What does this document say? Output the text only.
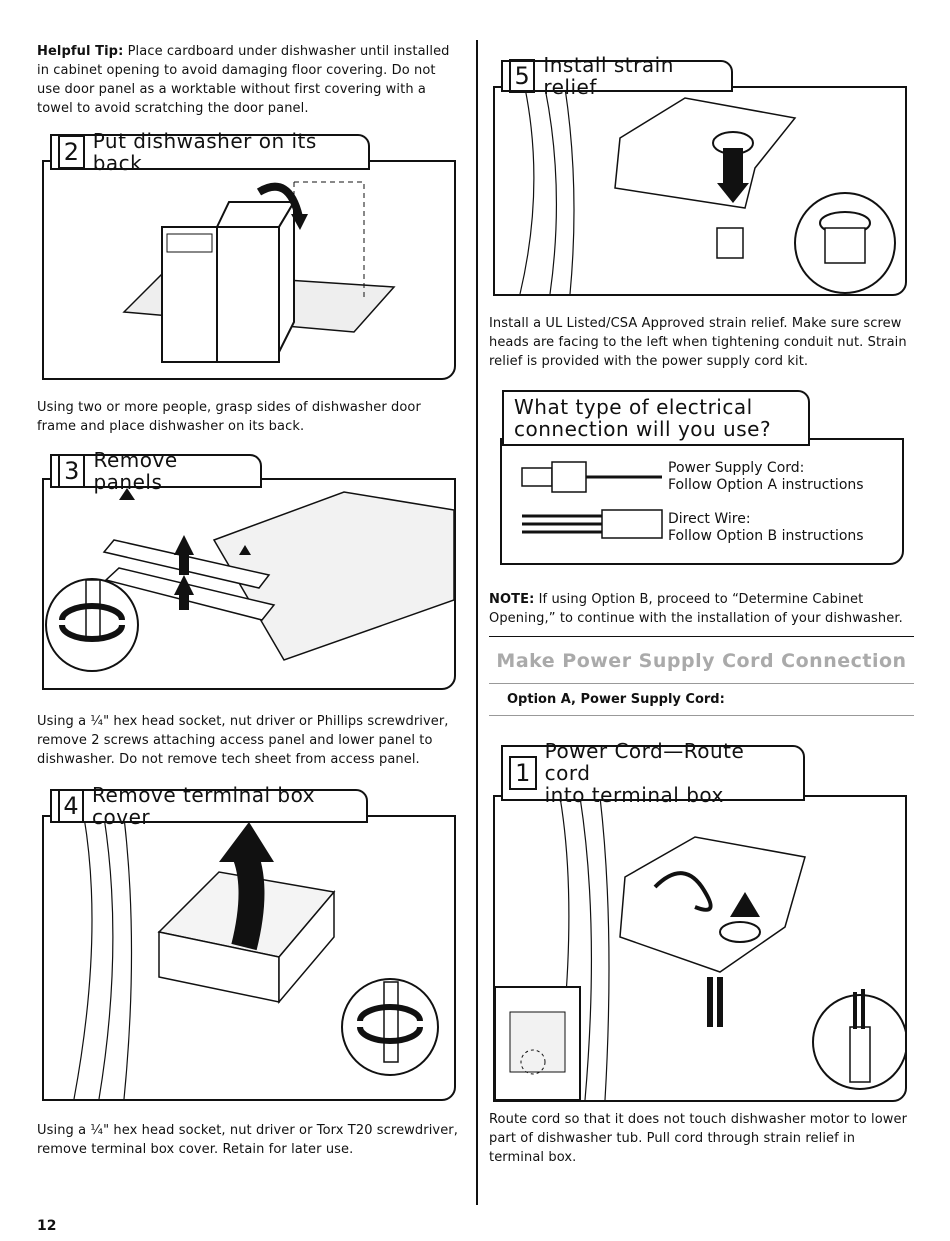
Helpful Tip: Place cardboard under dishwasher until installed in cabinet opening to avoid damaging floor covering. Do not use door panel as a worktable without first covering with a towel to avoid scratching the door panel.
2 Put dishwasher on its back
Using two or more people, grasp sides of dishwasher door frame and place dishwasher on its back.
3 Remove panels
Using a ¼" hex head socket, nut driver or Phillips screwdriver, remove 2 screws attaching access panel and lower panel to dishwasher. Do not remove tech sheet from access panel.
4 Remove terminal box cover
Using a ¼" hex head socket, nut driver or Torx T20 screwdriver, remove terminal box cover. Retain for later use.
12
5 Install strain relief
Install a UL Listed/CSA Approved strain relief. Make sure screw heads are facing to the left when tightening conduit nut. Strain relief is provided with the power supply cord kit.
Power Supply Cord:
Follow Option A instructions
Direct Wire:
Follow Option B instructions
What type of electrical
connection will you use?
NOTE: If using Option B, proceed to “Determine Cabinet Opening,” to continue with the installation of your dishwasher.
Make Power Supply Cord Connection
Option A, Power Supply Cord:
1
Power Cord—Route cord
into terminal box
Route cord so that it does not touch dishwasher motor to lower part of dishwasher tub. Pull cord through strain relief in terminal box.
